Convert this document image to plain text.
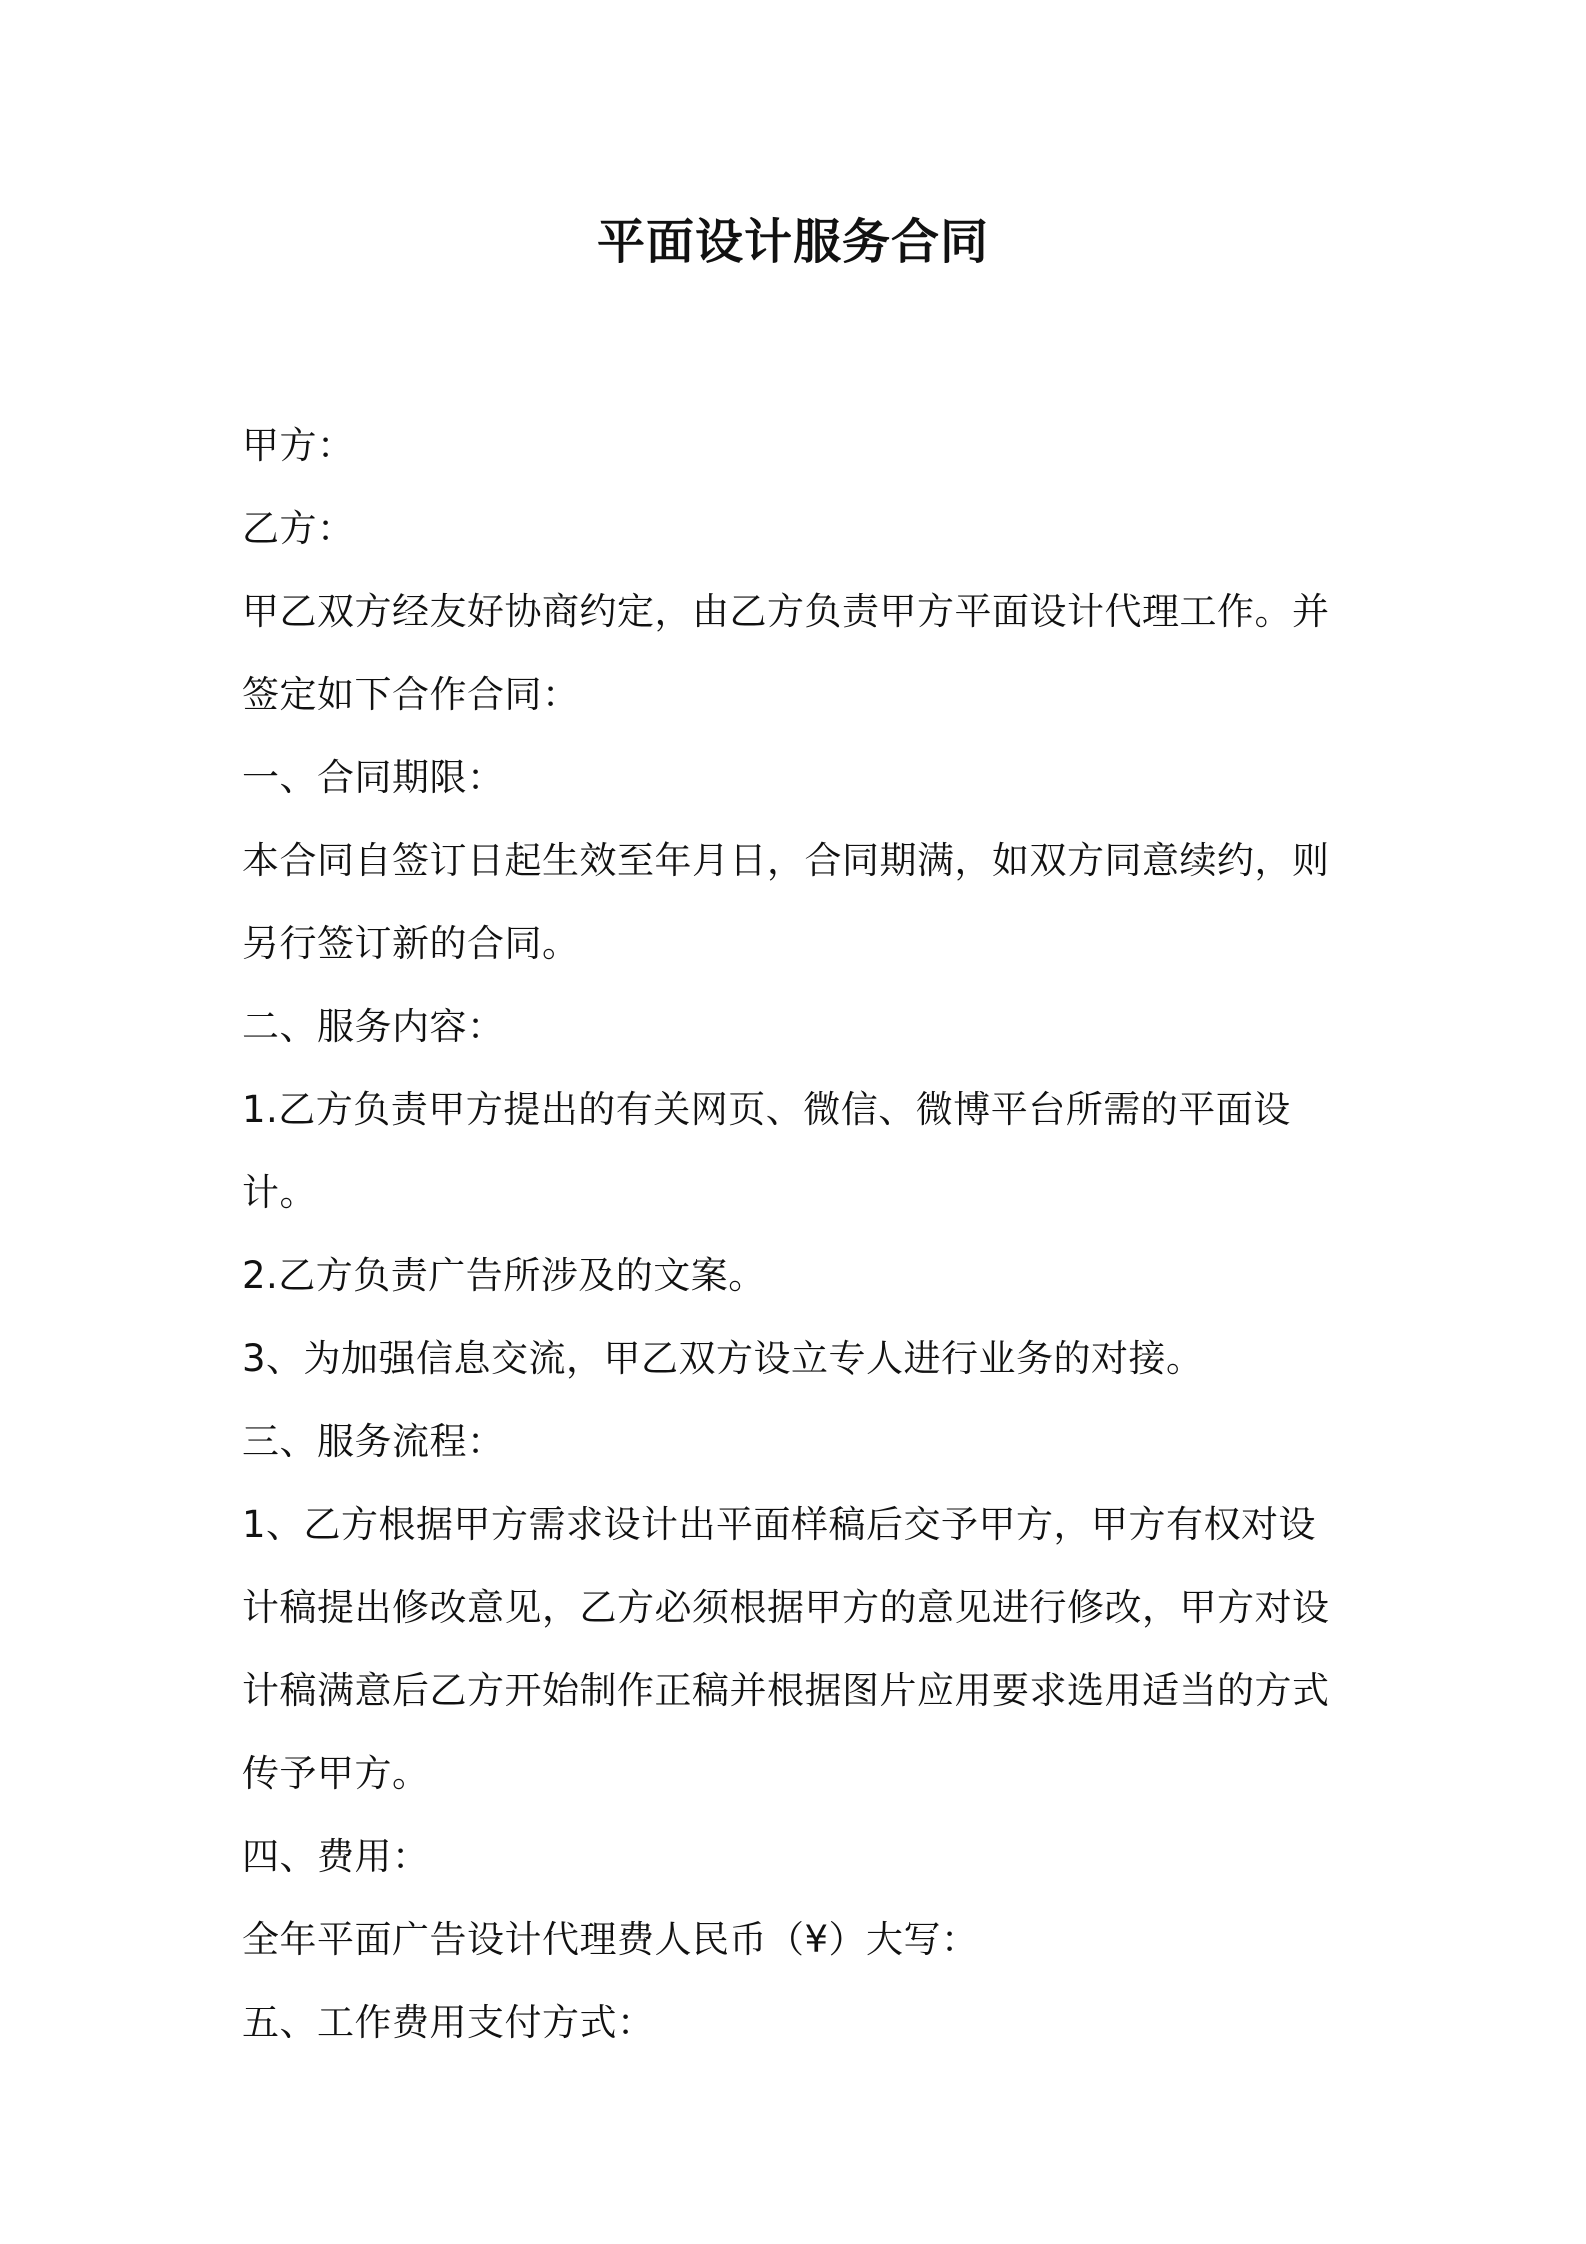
平面设计服务合同

甲方：

乙方：

甲乙双方经友好协商约定，由乙方负责甲方平面设计代理工作。并签定如下合作合同：

一、合同期限：

本合同自签订日起生效至年月日，合同期满，如双方同意续约，则另行签订新的合同。

二、服务内容：

1.乙方负责甲方提出的有关网页、微信、微博平台所需的平面设计。

2.乙方负责广告所涉及的文案。

3、为加强信息交流，甲乙双方设立专人进行业务的对接。

三、服务流程：

1、乙方根据甲方需求设计出平面样稿后交予甲方，甲方有权对设计稿提出修改意见，乙方必须根据甲方的意见进行修改，甲方对设计稿满意后乙方开始制作正稿并根据图片应用要求选用适当的方式传予甲方。

四、费用：

全年平面广告设计代理费人民币（¥）大写：

五、工作费用支付方式：
